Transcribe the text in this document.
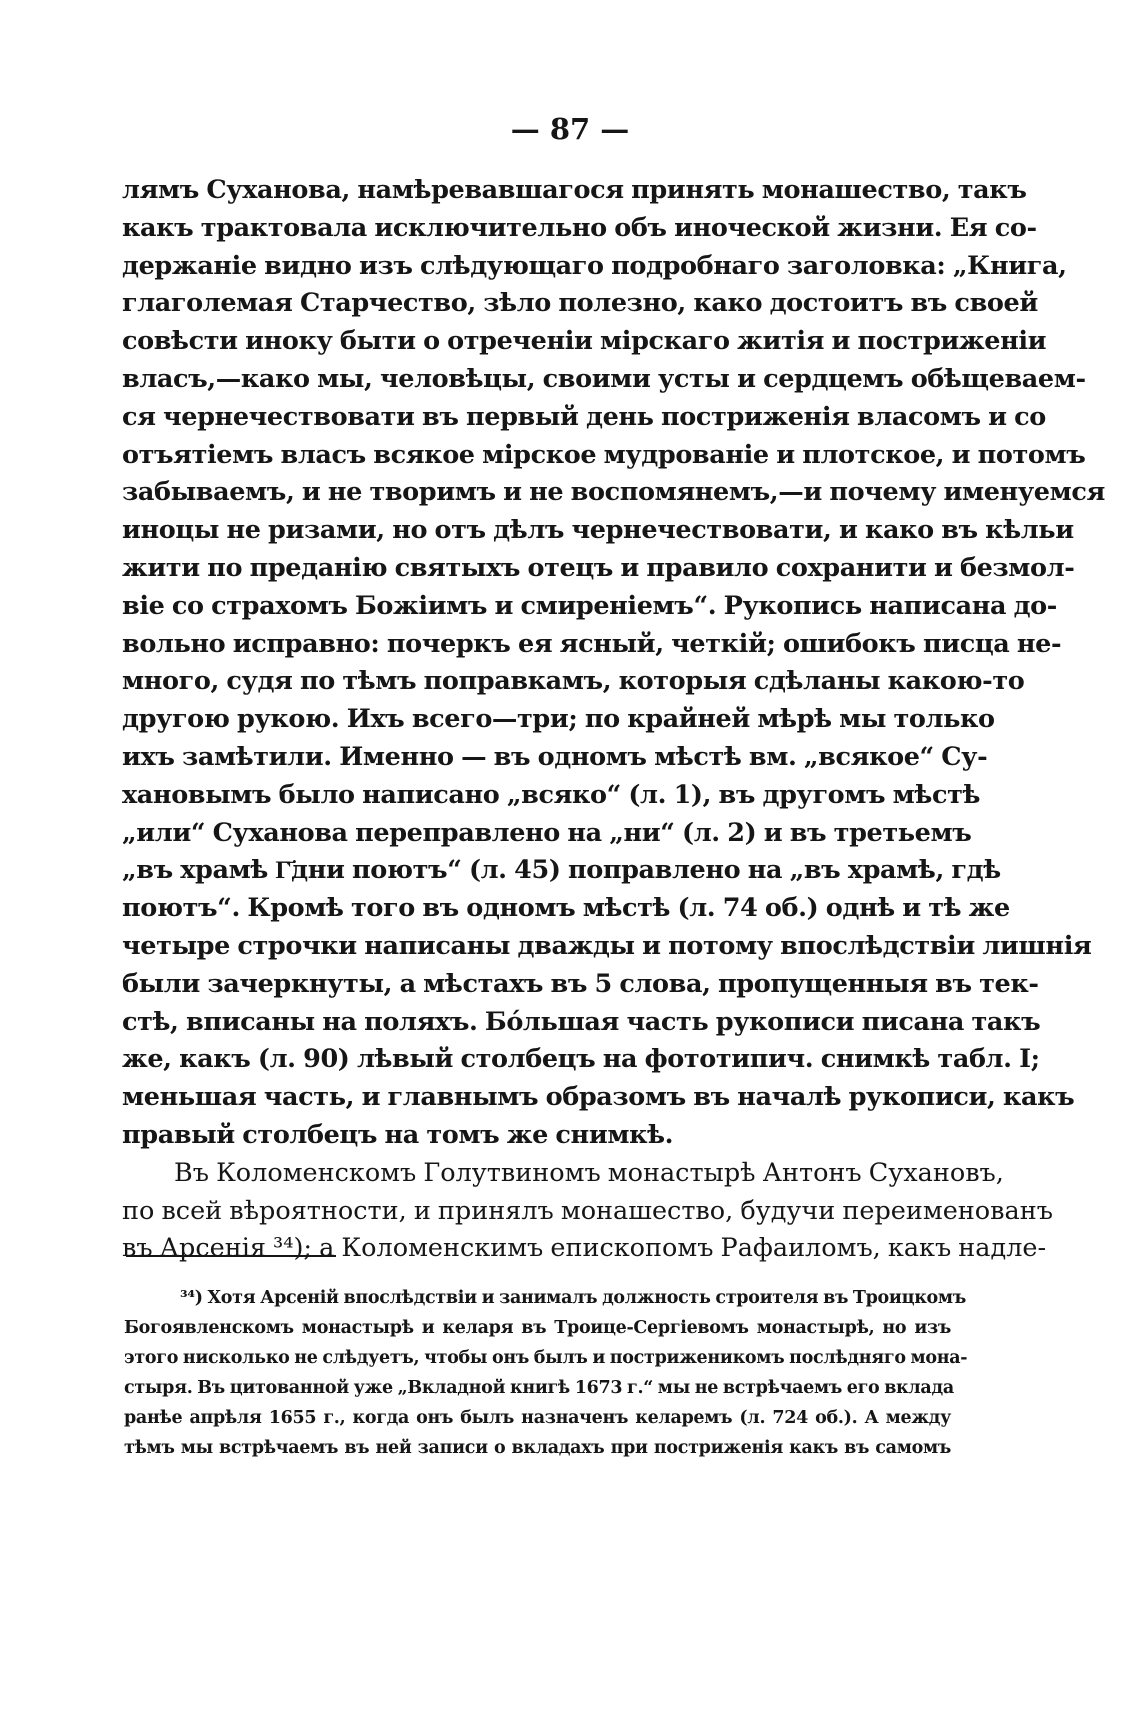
— 87 —
лямъ Суханова, намѣревавшагося принять монашество, такъ
какъ трактовала исключительно объ иноческой жизни. Ея со-
держаніе видно изъ слѣдующаго подробнаго заголовка: „Книга,
глаголемая Старчество, зѣло полезно, како достоитъ въ своей
совѣсти иноку быти о отреченіи мірскаго житія и постриженіи
власъ,—како мы, человѣцы, своими усты и сердцемъ обѣщеваем-
ся чернечествовати въ первый день постриженія власомъ и со
отъятіемъ власъ всякое мірское мудрованіе и плотское, и потомъ
забываемъ, и не творимъ и не воспомянемъ,—и почему именуемся
иноцы не ризами, но отъ дѣлъ чернечествовати, и како въ кѣльи
жити по преданію святыхъ отецъ и правило сохранити и безмол-
віе со страхомъ Божіимъ и смиреніемъ“. Рукопись написана до-
вольно исправно: почеркъ ея ясный, четкій; ошибокъ писца не-
много, судя по тѣмъ поправкамъ, которыя сдѣланы какою-то
другою рукою. Ихъ всего—три; по крайней мѣрѣ мы только
ихъ замѣтили. Именно — въ одномъ мѣстѣ вм. „всякое“ Су-
хановымъ было написано „всяко“ (л. 1), въ другомъ мѣстѣ
„или“ Суханова переправлено на „ни“ (л. 2) и въ третьемъ
„въ храмѣ Г҃дни поютъ“ (л. 45) поправлено на „въ храмѣ, гдѣ
поютъ“. Кромѣ того въ одномъ мѣстѣ (л. 74 об.) однѣ и тѣ же
четыре строчки написаны дважды и потому впослѣдствіи лишнія
были зачеркнуты, а мѣстахъ въ 5 слова, пропущенныя въ тек-
стѣ, вписаны на поляхъ. Бóльшая часть рукописи писана такъ
же, какъ (л. 90) лѣвый столбецъ на фототипич. снимкѣ табл. I;
меньшая часть, и главнымъ образомъ въ началѣ рукописи, какъ
правый столбецъ на томъ же снимкѣ.
Въ Коломенскомъ Голутвиномъ монастырѣ Антонъ Сухановъ,
по всей вѣроятности, и принялъ монашество, будучи переименованъ
въ Арсенія ³⁴); а Коломенскимъ епископомъ Рафаиломъ, какъ надле-
³⁴) Хотя Арсеній впослѣдствіи и занималъ должность строителя въ Троицкомъ
Богоявленскомъ монастырѣ и келаря въ Троице-Сергіевомъ монастырѣ, но изъ
этого нисколько не слѣдуетъ, чтобы онъ былъ и постриженикомъ послѣдняго мона-
стыря. Въ цитованной уже „Вкладной книгѣ 1673 г.“ мы не встрѣчаемъ его вклада
ранѣе апрѣля 1655 г., когда онъ былъ назначенъ келаремъ (л. 724 об.). А между
тѣмъ мы встрѣчаемъ въ ней записи о вкладахъ при постриженія какъ въ самомъ
